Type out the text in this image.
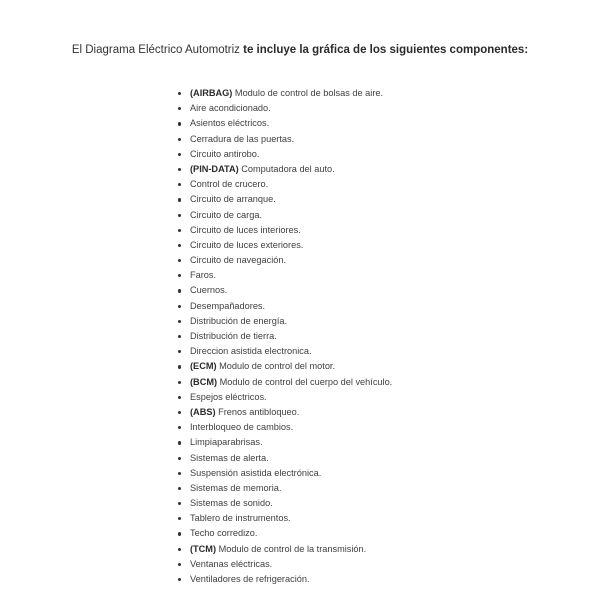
El Diagrama Eléctrico Automotriz te incluye la gráfica de los siguientes componentes:
(AIRBAG) Modulo de control de bolsas de aire.
Aire acondicionado.
Asientos eléctricos.
Cerradura de las puertas.
Circuito antirobo.
(PIN-DATA) Computadora del auto.
Control de crucero.
Circuito de arranque.
Circuito de carga.
Circuito de luces interiores.
Circuito de luces exteriores.
Circuito de navegación.
Faros.
Cuernos.
Desempañadores.
Distribución de energía.
Distribución de tierra.
Direccion asistida electronica.
(ECM) Modulo de control del motor.
(BCM) Modulo de control del cuerpo del vehículo.
Espejos eléctricos.
(ABS) Frenos antibloqueo.
Interbloqueo de cambios.
Limpiaparabrisas.
Sistemas de alerta.
Suspensión asistida electrónica.
Sistemas de memoria.
Sistemas de sonido.
Tablero de instrumentos.
Techo corredizo.
(TCM) Modulo de control de la transmisión.
Ventanas eléctricas.
Ventiladores de refrigeración.
